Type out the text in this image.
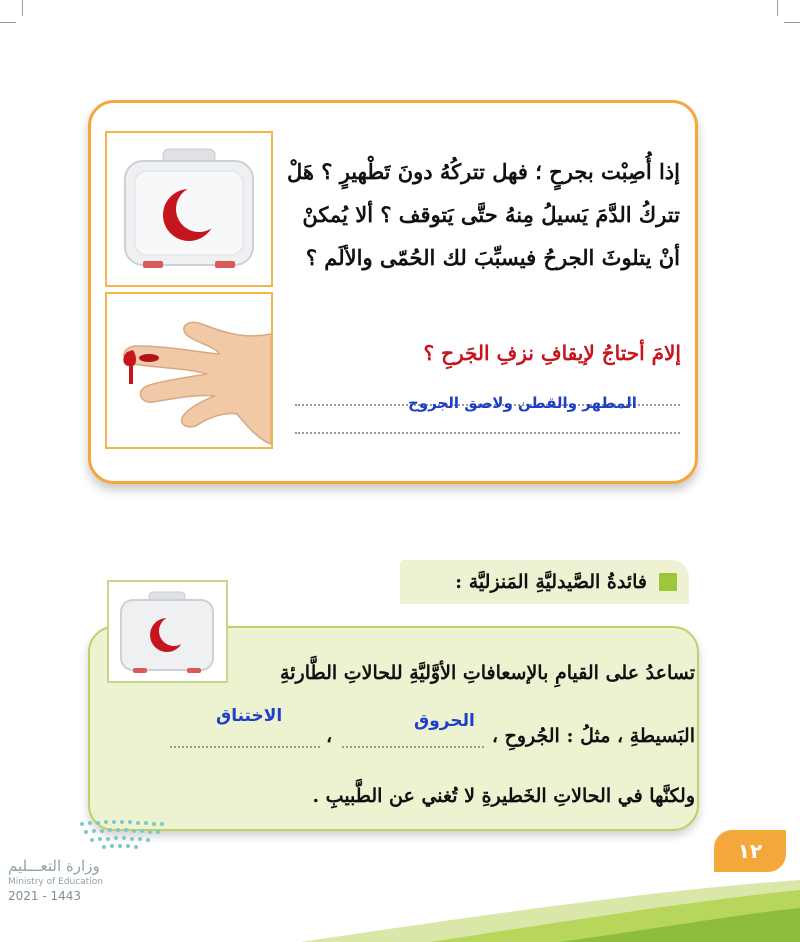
إذا أُصِبْت بجرحٍ ؛ فهل تتركُهُ دونَ تَطْهيرٍ ؟ هَلْ تتركُ الدَّمَ يَسيلُ مِنهُ حتَّى يَتوقف ؟ ألا يُمكنْ أنْ يتلوثَ الجرحُ فيسبِّبَ لك الحُمّى والألَم ؟
إلامَ أحتاجُ لإيقافِ نزفِ الجَرحِ ؟
المطهر والقطن ولاصق الجروح
فائدةُ الصَّيدليَّةِ المَنزليَّة :
تساعدُ على القيامِ بالإسعافاتِ الأوَّليَّةِ للحالاتِ الطَّارئةِ
البَسيطةِ ، مثلُ : الجُروحِ ،
،
الحروق
الاختناق
ولكنَّها في الحالاتِ الخَطيرةِ لا تُغني عن الطَّبيبِ .
١٢
وزارة التعـــليم
Ministry of Education
2021 - 1443
